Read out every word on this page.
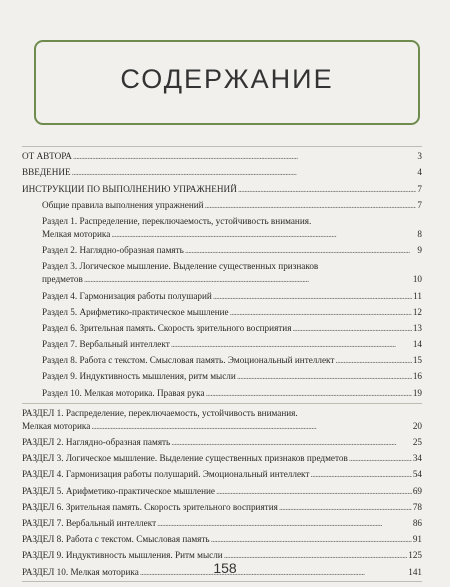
СОДЕРЖАНИЕ
ОТ АВТОРА . . .	3
ВВЕДЕНИЕ . . .	4
ИНСТРУКЦИИ ПО ВЫПОЛНЕНИЮ УПРАЖНЕНИЙ . . .	7
Общие правила выполнения упражнений . . .	7
Раздел 1. Распределение, переключаемость, устойчивость внимания.
Мелкая моторика . . .	8
Раздел 2. Наглядно-образная память . . .	9
Раздел 3. Логическое мышление. Выделение существенных признаков
предметов . . .	10
Раздел 4. Гармонизация работы полушарий . . .	11
Раздел 5. Арифметико-практическое мышление . . .	12
Раздел 6. Зрительная память. Скорость зрительного восприятия . . .	13
Раздел 7. Вербальный интеллект . . .	14
Раздел 8. Работа с текстом. Смысловая память. Эмоциональный интеллект . . .	15
Раздел 9. Индуктивность мышления, ритм мысли . . .	16
Раздел 10. Мелкая моторика. Правая рука . . .	19
РАЗДЕЛ 1. Распределение, переключаемость, устойчивость внимания.
Мелкая моторика . . .	20
РАЗДЕЛ 2. Наглядно-образная память . . .	25
РАЗДЕЛ 3. Логическое мышление. Выделение существенных признаков предметов . . .	34
РАЗДЕЛ 4. Гармонизация работы полушарий. Эмоциональный интеллект . . .	54
РАЗДЕЛ 5. Арифметико-практическое мышление . . .	69
РАЗДЕЛ 6. Зрительная память. Скорость зрительного восприятия . . .	78
РАЗДЕЛ 7. Вербальный интеллект . . .	86
РАЗДЕЛ 8. Работа с текстом. Смысловая память . . .	91
РАЗДЕЛ 9. Индуктивность мышления. Ритм мысли . . .	125
РАЗДЕЛ 10. Мелкая моторика . . .	141
158
